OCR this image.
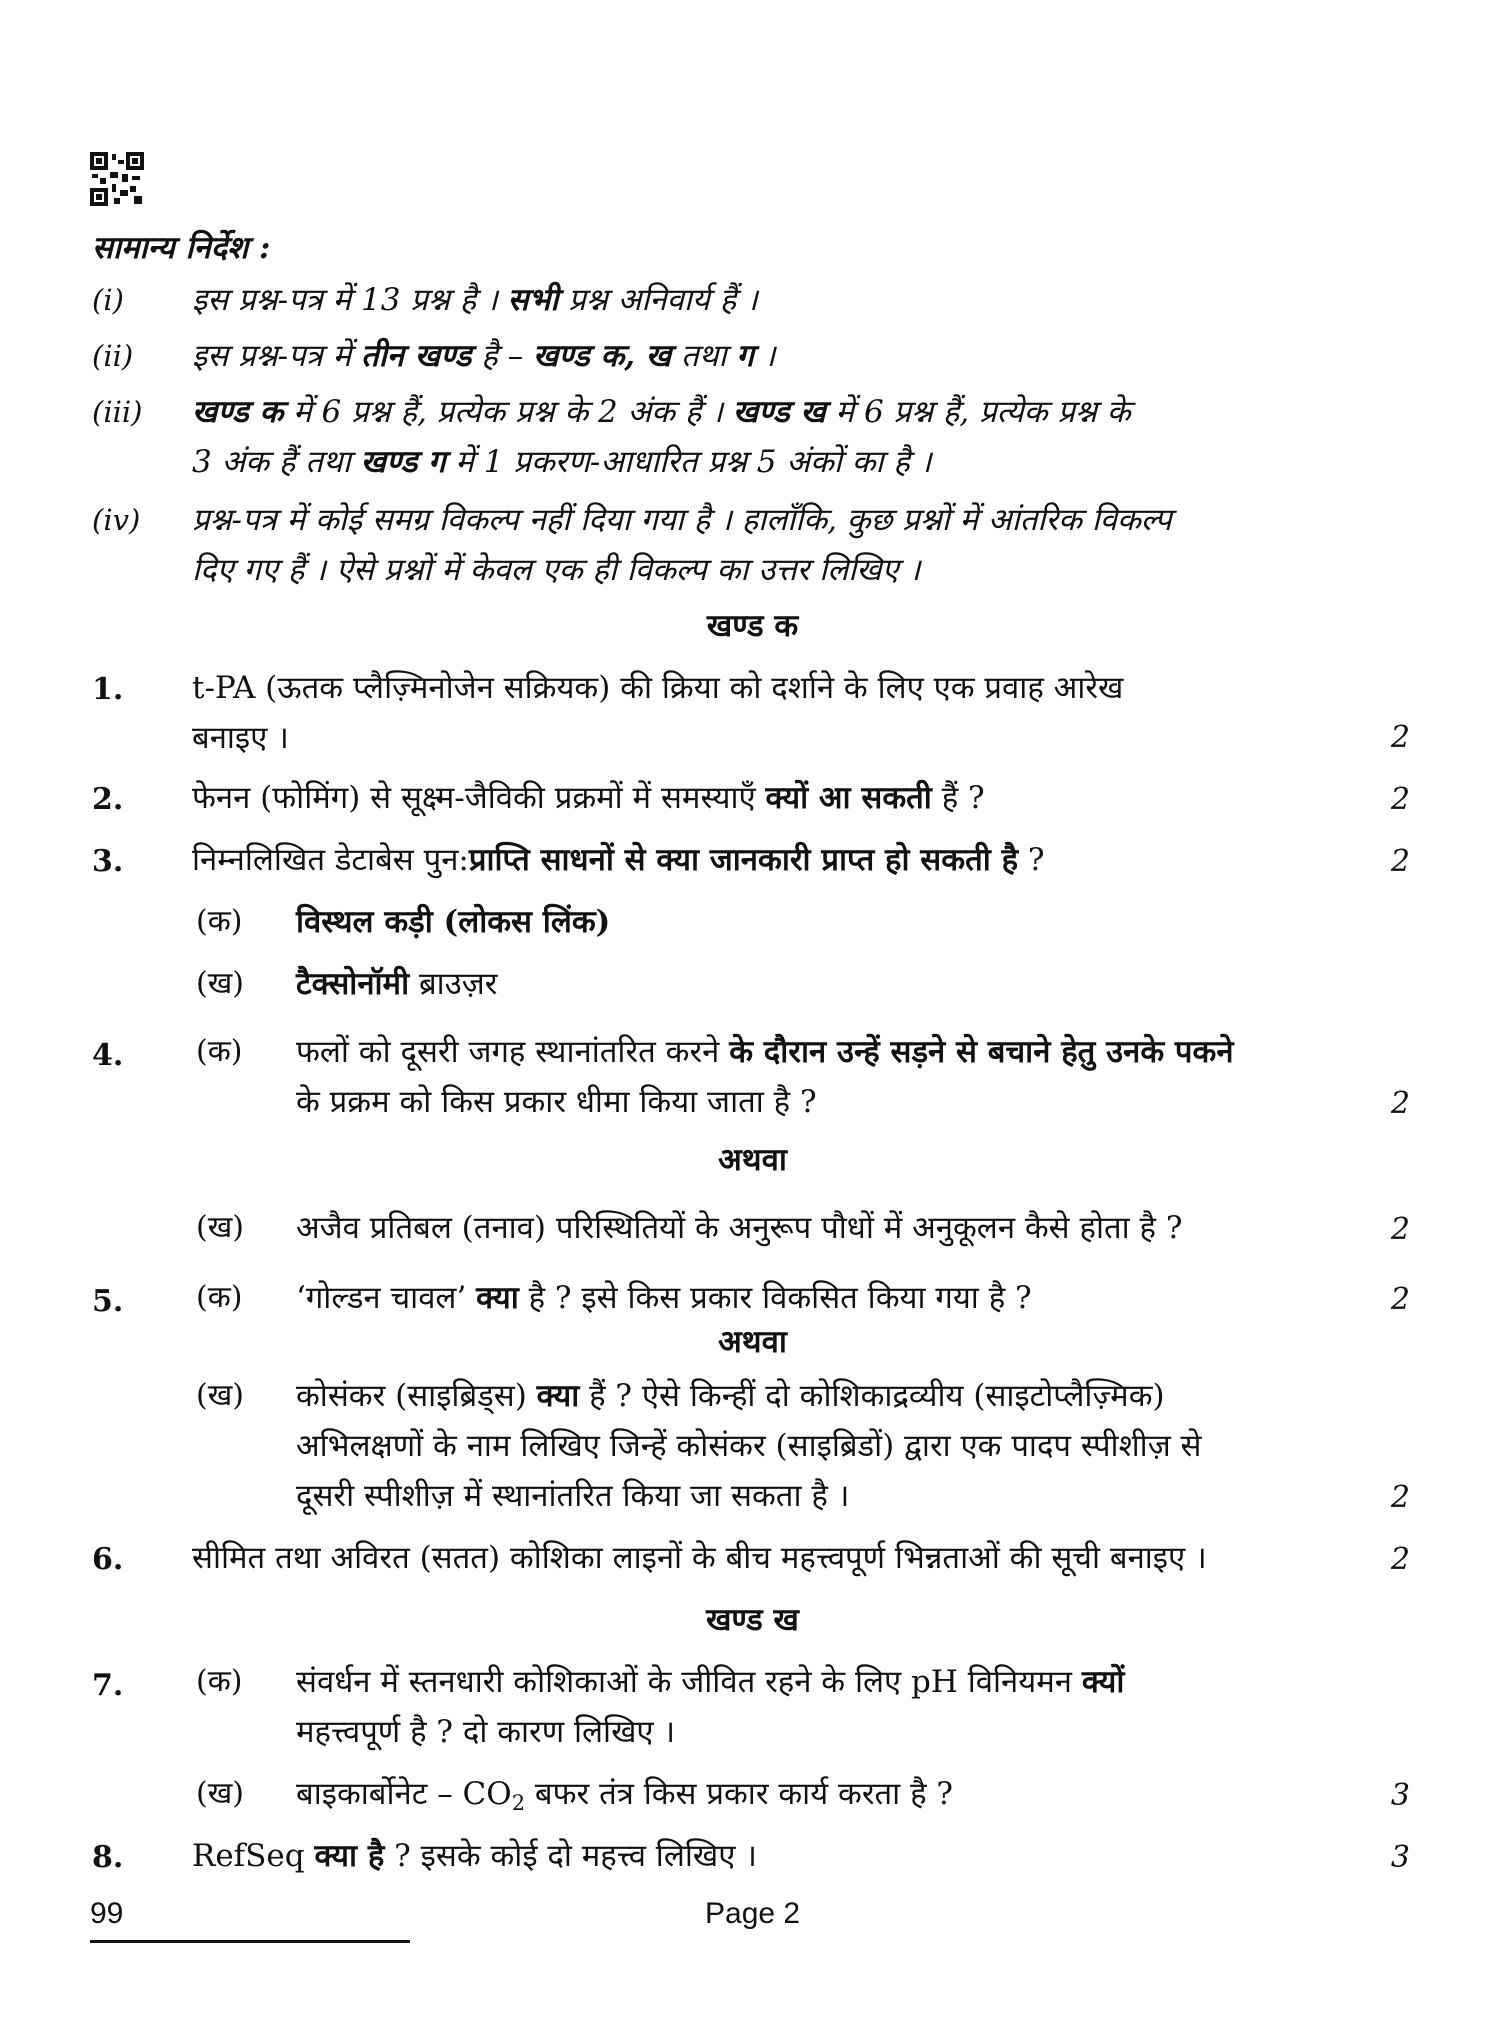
सामान्य निर्देश :
(i) इस प्रश्न-पत्र में 13 प्रश्न है । सभी प्रश्न अनिवार्य हैं ।
(ii) इस प्रश्न-पत्र में तीन खण्ड है – खण्ड क, ख तथा ग ।
(iii) खण्ड क में 6 प्रश्न हैं, प्रत्येक प्रश्न के 2 अंक हैं । खण्ड ख में 6 प्रश्न हैं, प्रत्येक प्रश्न के
3 अंक हैं तथा खण्ड ग में 1 प्रकरण-आधारित प्रश्न 5 अंकों का है ।
(iv) प्रश्न-पत्र में कोई समग्र विकल्प नहीं दिया गया है । हालाँकि, कुछ प्रश्नों में आंतरिक विकल्प
दिए गए हैं । ऐसे प्रश्नों में केवल एक ही विकल्प का उत्तर लिखिए ।
खण्ड क
1. t-PA (ऊतक प्लैज़्मिनोजेन सक्रियक) की क्रिया को दर्शाने के लिए एक प्रवाह आरेख
बनाइए ।	2
2. फेनन (फोमिंग) से सूक्ष्म-जैविकी प्रक्रमों में समस्याएँ क्यों आ सकती हैं ?	2
3. निम्नलिखित डेटाबेस पुन:प्राप्ति साधनों से क्या जानकारी प्राप्त हो सकती है ?	2
(क) विस्थल कड़ी (लोकस लिंक)
(ख) टैक्सोनॉमी ब्राउज़र
4. (क) फलों को दूसरी जगह स्थानांतरित करने के दौरान उन्हें सड़ने से बचाने हेतु उनके पकने
के प्रक्रम को किस प्रकार धीमा किया जाता है ?	2
अथवा
(ख) अजैव प्रतिबल (तनाव) परिस्थितियों के अनुरूप पौधों में अनुकूलन कैसे होता है ?	2
5. (क) ‘गोल्डन चावल’ क्या है ? इसे किस प्रकार विकसित किया गया है ?	2
अथवा
(ख) कोसंकर (साइब्रिड्स) क्या हैं ? ऐसे किन्हीं दो कोशिकाद्रव्यीय (साइटोप्लैज़्मिक)
अभिलक्षणों के नाम लिखिए जिन्हें कोसंकर (साइब्रिडों) द्वारा एक पादप स्पीशीज़ से
दूसरी स्पीशीज़ में स्थानांतरित किया जा सकता है ।	2
6. सीमित तथा अविरत (सतत) कोशिका लाइनों के बीच महत्त्वपूर्ण भिन्नताओं की सूची बनाइए ।	2
खण्ड ख
7. (क) संवर्धन में स्तनधारी कोशिकाओं के जीवित रहने के लिए pH विनियमन क्यों
महत्त्वपूर्ण है ? दो कारण लिखिए ।
(ख) बाइकार्बोनेट – CO2 बफर तंत्र किस प्रकार कार्य करता है ?	3
8. RefSeq क्या है ? इसके कोई दो महत्त्व लिखिए ।	3
99	Page 2
